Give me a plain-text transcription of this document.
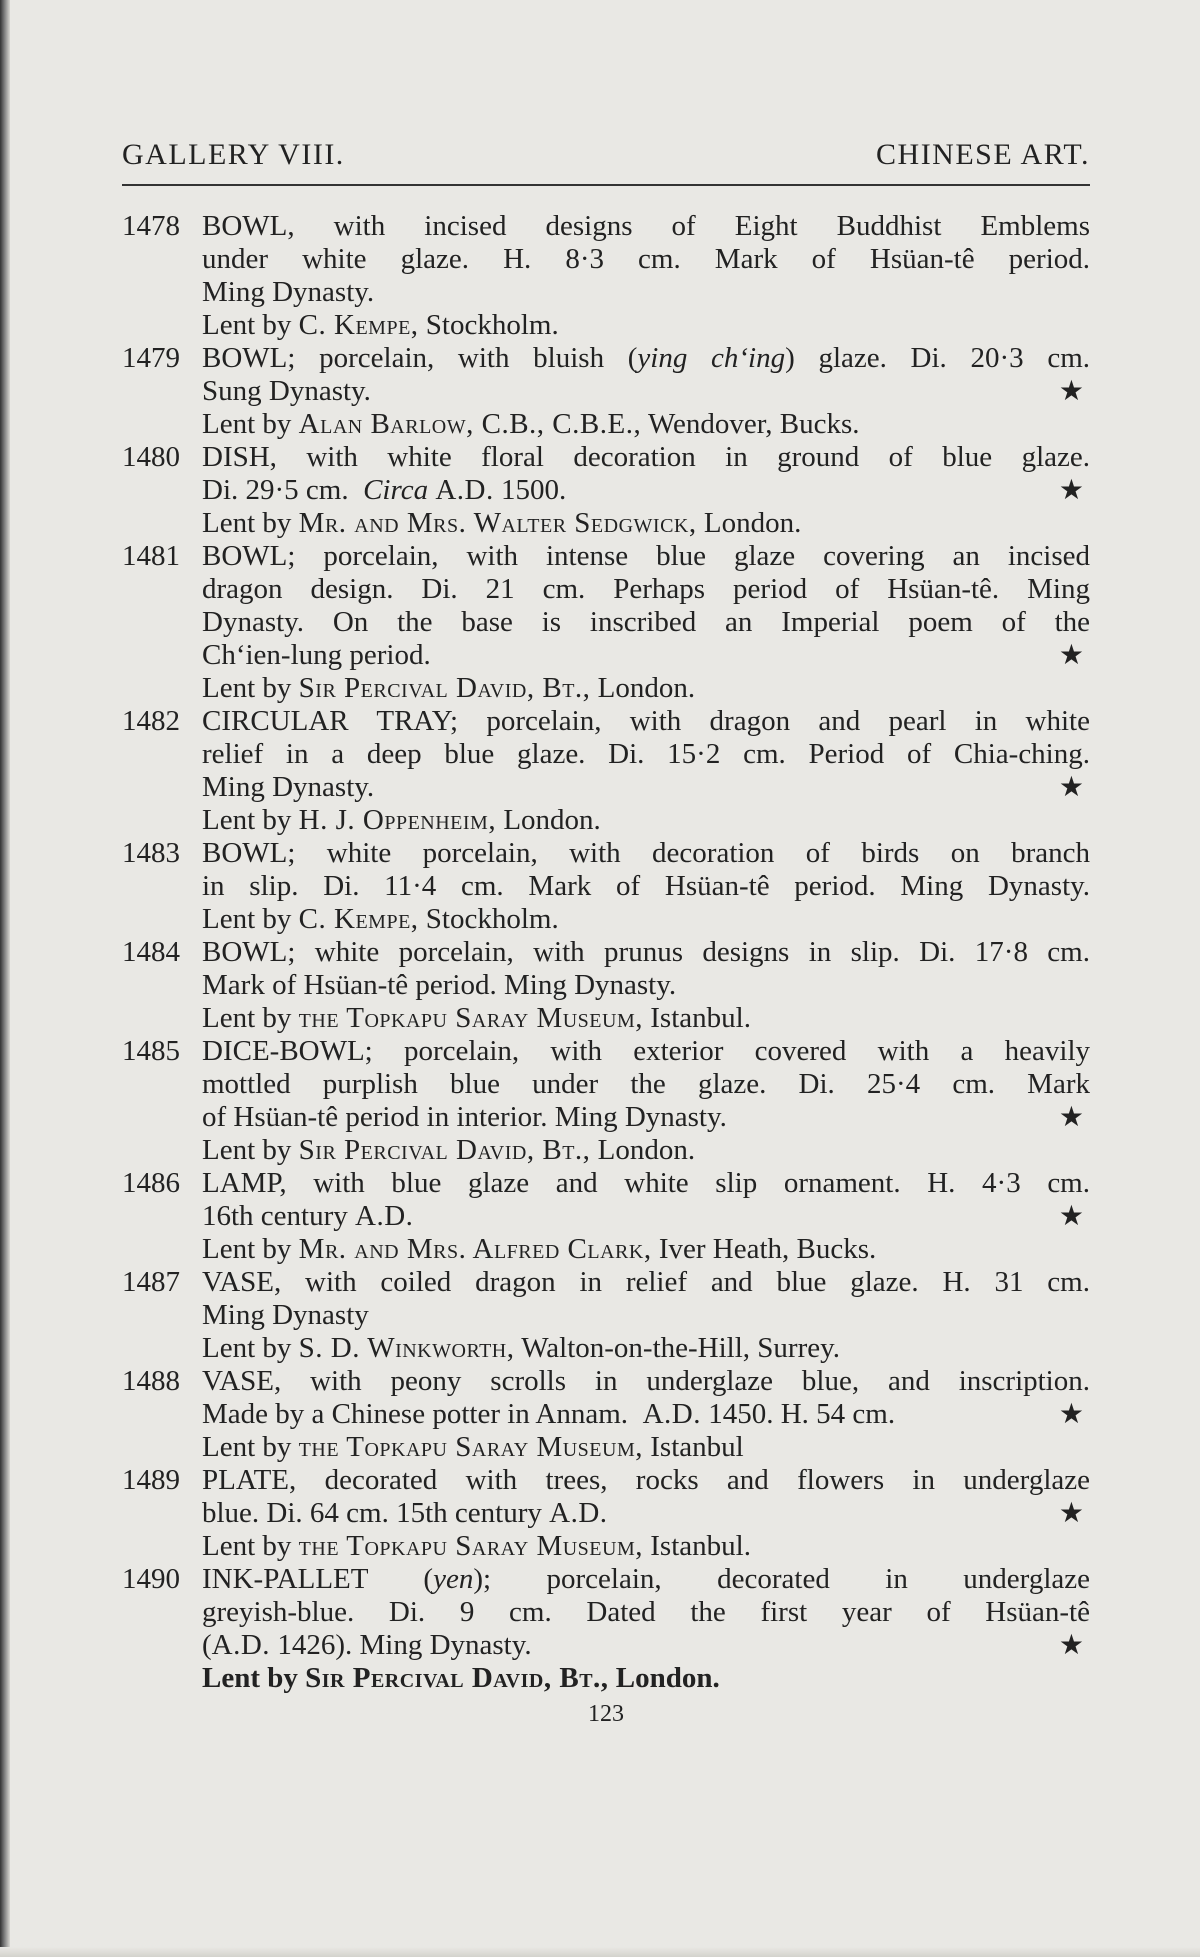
GALLERY VIII.	CHINESE ART.
1478 BOWL, with incised designs of Eight Buddhist Emblems
under white glaze. H. 8·3 cm. Mark of Hsüan-tê period.
Ming Dynasty.
Lent by C. Kempe, Stockholm.
1479 BOWL; porcelain, with bluish (ying ch‘ing) glaze. Di. 20·3 cm.
Sung Dynasty.	★
Lent by Alan Barlow, C.B., C.B.E., Wendover, Bucks.
1480 DISH, with white floral decoration in ground of blue glaze.
Di. 29·5 cm. Circa A.D. 1500.	★
Lent by Mr. and Mrs. Walter Sedgwick, London.
1481 BOWL; porcelain, with intense blue glaze covering an incised
dragon design. Di. 21 cm. Perhaps period of Hsüan-tê. Ming
Dynasty. On the base is inscribed an Imperial poem of the
Ch‘ien-lung period.	★
Lent by Sir Percival David, Bt., London.
1482 CIRCULAR TRAY; porcelain, with dragon and pearl in white
relief in a deep blue glaze. Di. 15·2 cm. Period of Chia-ching.
Ming Dynasty.	★
Lent by H. J. Oppenheim, London.
1483 BOWL; white porcelain, with decoration of birds on branch
in slip. Di. 11·4 cm. Mark of Hsüan-tê period. Ming Dynasty.
Lent by C. Kempe, Stockholm.
1484 BOWL; white porcelain, with prunus designs in slip. Di. 17·8 cm.
Mark of Hsüan-tê period. Ming Dynasty.
Lent by the Topkapu Saray Museum, Istanbul.
1485 DICE-BOWL; porcelain, with exterior covered with a heavily
mottled purplish blue under the glaze. Di. 25·4 cm. Mark
of Hsüan-tê period in interior. Ming Dynasty.	★
Lent by Sir Percival David, Bt., London.
1486 LAMP, with blue glaze and white slip ornament. H. 4·3 cm.
16th century A.D.	★
Lent by Mr. and Mrs. Alfred Clark, Iver Heath, Bucks.
1487 VASE, with coiled dragon in relief and blue glaze. H. 31 cm.
Ming Dynasty
Lent by S. D. Winkworth, Walton-on-the-Hill, Surrey.
1488 VASE, with peony scrolls in underglaze blue, and inscription.
Made by a Chinese potter in Annam. A.D. 1450. H. 54 cm.	★
Lent by the Topkapu Saray Museum, Istanbul
1489 PLATE, decorated with trees, rocks and flowers in underglaze
blue. Di. 64 cm. 15th century A.D.	★
Lent by the Topkapu Saray Museum, Istanbul.
1490 INK-PALLET (yen); porcelain, decorated in underglaze
greyish-blue. Di. 9 cm. Dated the first year of Hsüan-tê
(A.D. 1426). Ming Dynasty.	★
Lent by Sir Percival David, Bt., London.
123
